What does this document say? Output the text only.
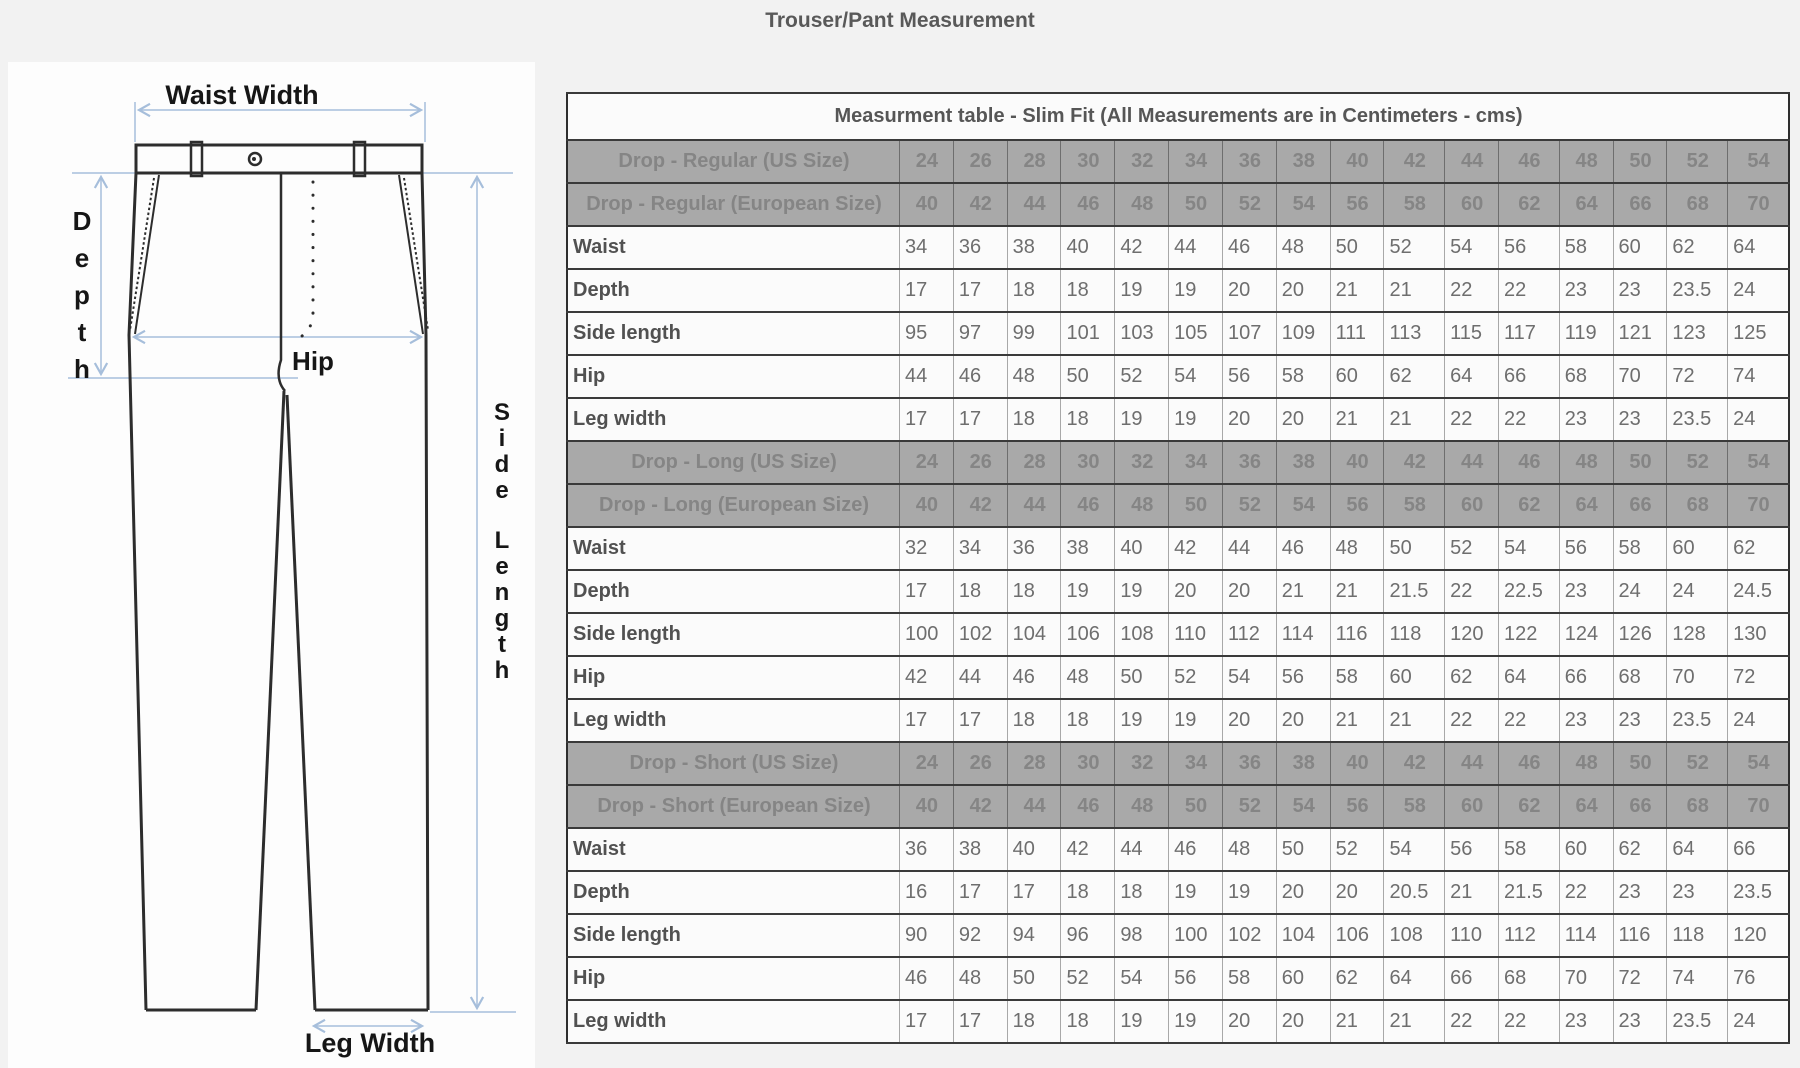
Trouser/Pant Measurement
Waist Width
D e p t h	Hip
S i d e
L e n g t h
Leg Width
Measurment table - Slim Fit (All Measurements are in Centimeters - cms)																
Drop - Regular (US Size)	24	26	28	30	32	34	36	38	40	42	44	46	48	50	52	54
Drop - Regular (European Size)	40	42	44	46	48	50	52	54	56	58	60	62	64	66	68	70
Waist	34	36	38	40	42	44	46	48	50	52	54	56	58	60	62	64
Depth	17	17	18	18	19	19	20	20	21	21	22	22	23	23	23.5	24
Side length	95	97	99	101	103	105	107	109	111	113	115	117	119	121	123	125
Hip	44	46	48	50	52	54	56	58	60	62	64	66	68	70	72	74
Leg width	17	17	18	18	19	19	20	20	21	21	22	22	23	23	23.5	24
Drop - Long (US Size)	24	26	28	30	32	34	36	38	40	42	44	46	48	50	52	54
Drop - Long (European Size)	40	42	44	46	48	50	52	54	56	58	60	62	64	66	68	70
Waist	32	34	36	38	40	42	44	46	48	50	52	54	56	58	60	62
Depth	17	18	18	19	19	20	20	21	21	21.5	22	22.5	23	24	24	24.5
Side length	100	102	104	106	108	110	112	114	116	118	120	122	124	126	128	130
Hip	42	44	46	48	50	52	54	56	58	60	62	64	66	68	70	72
Leg width	17	17	18	18	19	19	20	20	21	21	22	22	23	23	23.5	24
Drop - Short (US Size)	24	26	28	30	32	34	36	38	40	42	44	46	48	50	52	54
Drop - Short (European Size)	40	42	44	46	48	50	52	54	56	58	60	62	64	66	68	70
Waist	36	38	40	42	44	46	48	50	52	54	56	58	60	62	64	66
Depth	16	17	17	18	18	19	19	20	20	20.5	21	21.5	22	23	23	23.5
Side length	90	92	94	96	98	100	102	104	106	108	110	112	114	116	118	120
Hip	46	48	50	52	54	56	58	60	62	64	66	68	70	72	74	76
Leg width	17	17	18	18	19	19	20	20	21	21	22	22	23	23	23.5	24
